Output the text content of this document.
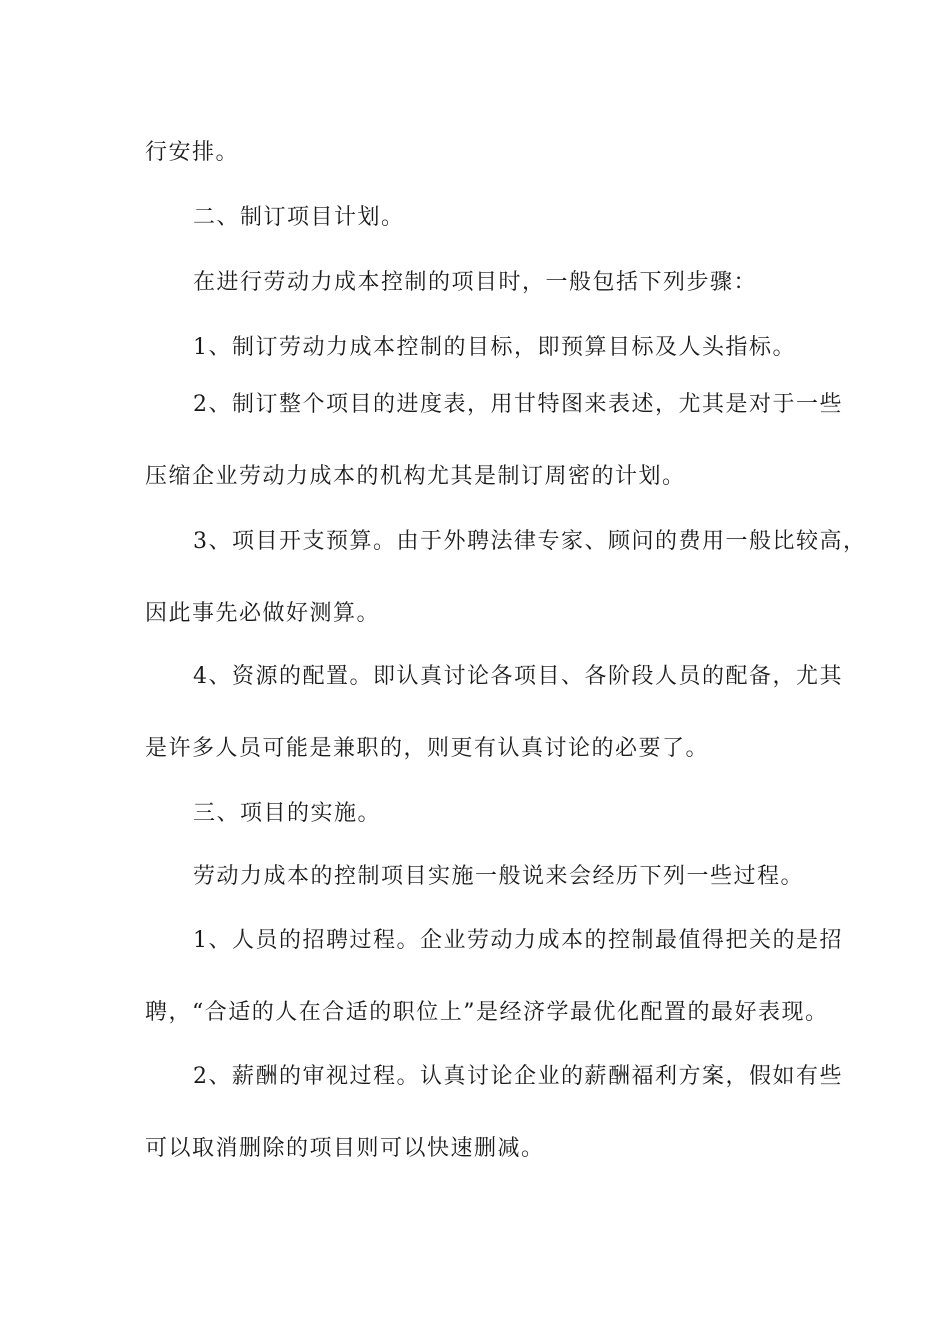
行安排。
二、制订项目计划。
在进行劳动力成本控制的项目时，一般包括下列步骤：
1、制订劳动力成本控制的目标，即预算目标及人头指标。
2、制订整个项目的进度表，用甘特图来表述，尤其是对于一些
压缩企业劳动力成本的机构尤其是制订周密的计划。
3、项目开支预算。由于外聘法律专家、顾问的费用一般比较高，
因此事先必做好测算。
4、资源的配置。即认真讨论各项目、各阶段人员的配备，尤其
是许多人员可能是兼职的，则更有认真讨论的必要了。
三、项目的实施。
劳动力成本的控制项目实施一般说来会经历下列一些过程。
1、人员的招聘过程。企业劳动力成本的控制最值得把关的是招
聘，“合适的人在合适的职位上”是经济学最优化配置的最好表现。
2、薪酬的审视过程。认真讨论企业的薪酬福利方案，假如有些
可以取消删除的项目则可以快速删减。
